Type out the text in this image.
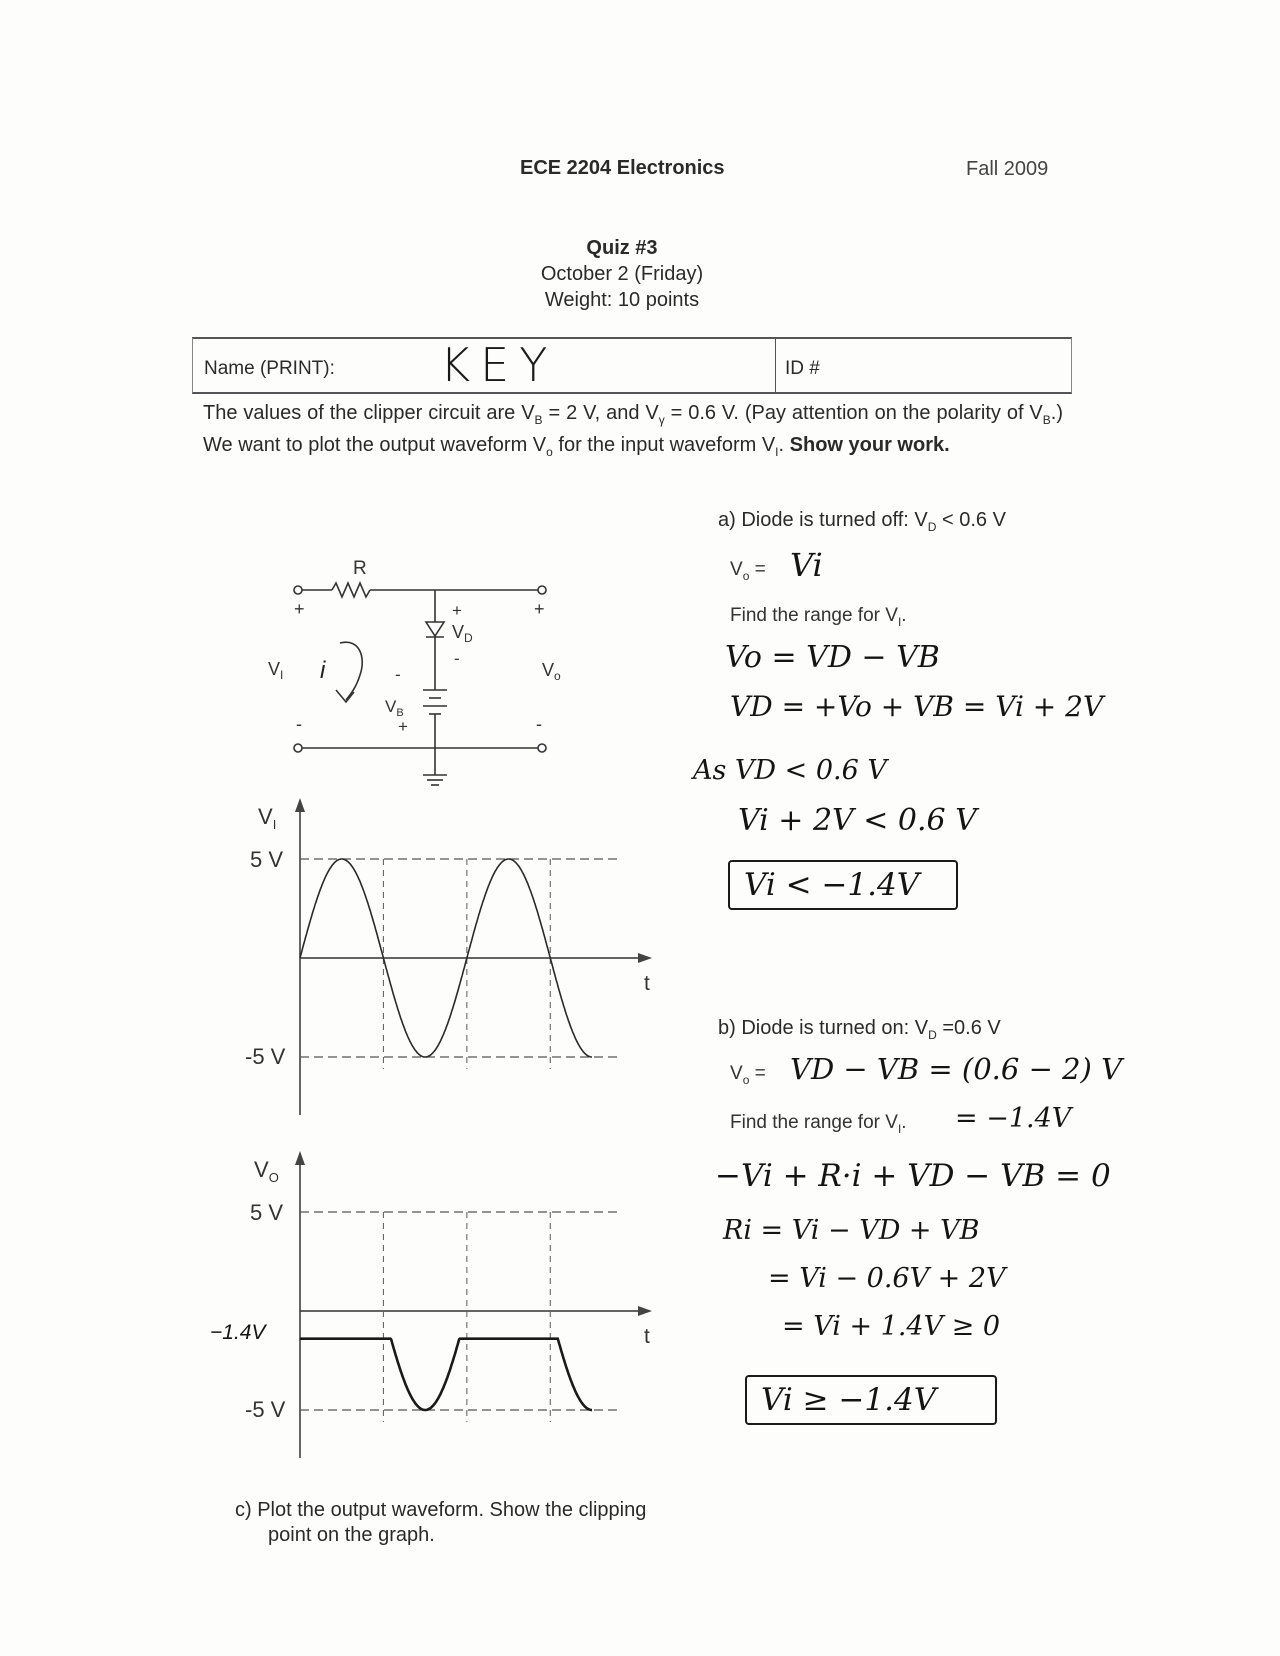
ECE 2204 Electronics	Fall 2009
Quiz #3
October 2 (Friday)
Weight: 10 points
Name (PRINT): KEY	ID #
The values of the clipper circuit are $V_B = 2$ V, and $V_\gamma = 0.6$ V. (Pay attention on the polarity of $V_B$.) We want to plot the output waveform $V_o$ for the input waveform $V_I$. Show your work.
a) Diode is turned off: $V_D < 0.6$ V
$V_o = Vi$
Find the range for $V_I$.
Vo = VD − VB
VD = +Vo + VB = Vi + 2V
As VD < 0.6 V
Vi + 2V < 0.6 V
Vi < −1.4V
b) Diode is turned on: $V_D =0.6$ V
$V_o$ = VD − VB = (0.6 − 2) V
Find the range for $V_I$. = −1.4V
−Vi + R·i + VD − VB = 0
Ri = Vi − VD + VB
= Vi − 0.6V + 2V
= Vi + 1.4V ≥ 0
Vi ≥ −1.4V
c) Plot the output waveform. Show the clipping
point on the graph.
R
+	+
-	-
+
-
$V_D$
-
+
$V_B$
$V_I$	$V_o$
i
$V_I$
5 V
-5 V
t
$V_O$
5 V
−1.4V
-5 V
t
